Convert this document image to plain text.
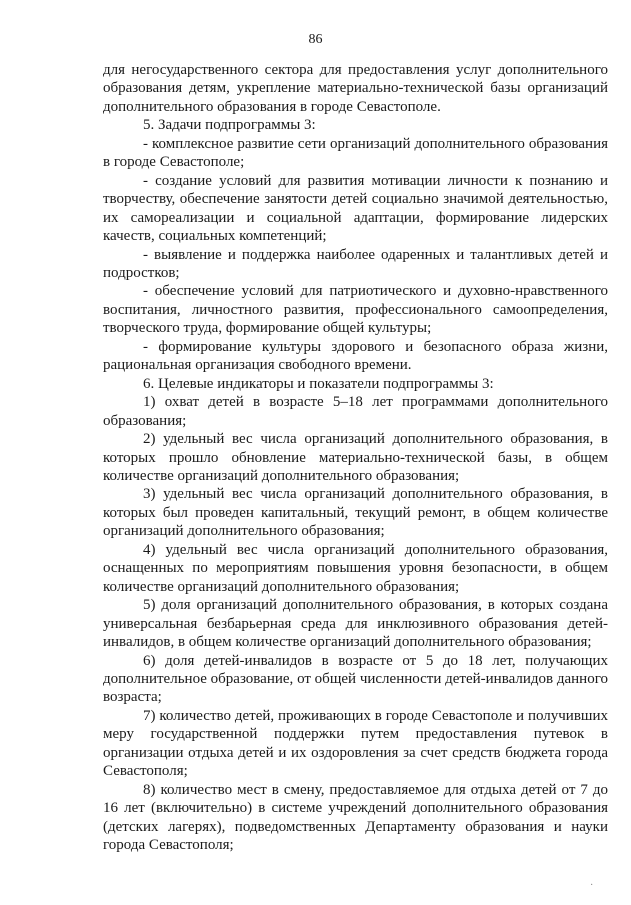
86

для негосударственного сектора для предоставления услуг дополнительного образования детям, укрепление материально-технической базы организаций дополнительного образования в городе Севастополе.

5. Задачи подпрограммы 3:

- комплексное развитие сети организаций дополнительного образования в городе Севастополе;

- создание условий для развития мотивации личности к познанию и творчеству, обеспечение занятости детей социально значимой деятельностью, их самореализации и социальной адаптации, формирование лидерских качеств, социальных компетенций;

- выявление и поддержка наиболее одаренных и талантливых детей и подростков;

- обеспечение условий для патриотического и духовно-нравственного воспитания, личностного развития, профессионального самоопределения, творческого труда, формирование общей культуры;

- формирование культуры здорового и безопасного образа жизни, рациональная организация свободного времени.

6. Целевые индикаторы и показатели подпрограммы 3:

1) охват детей в возрасте 5–18 лет программами дополнительного образования;

2) удельный вес числа организаций дополнительного образования, в которых прошло обновление материально-технической базы, в общем количестве организаций дополнительного образования;

3) удельный вес числа организаций дополнительного образования, в которых был проведен капитальный, текущий ремонт, в общем количестве организаций дополнительного образования;

4) удельный вес числа организаций дополнительного образования, оснащенных по мероприятиям повышения уровня безопасности, в общем количестве организаций дополнительного образования;

5) доля организаций дополнительного образования, в которых создана универсальная безбарьерная среда для инклюзивного образования детей-инвалидов, в общем количестве организаций дополнительного образования;

6) доля детей-инвалидов в возрасте от 5 до 18 лет, получающих дополнительное образование, от общей численности детей-инвалидов данного возраста;

7) количество детей, проживающих в городе Севастополе и получивших меру государственной поддержки путем предоставления путевок в организации отдыха детей и их оздоровления за счет средств бюджета города Севастополя;

8) количество мест в смену, предоставляемое для отдыха детей от 7 до 16 лет (включительно) в системе учреждений дополнительного образования (детских лагерях), подведомственных Департаменту образования и науки города Севастополя;

·
